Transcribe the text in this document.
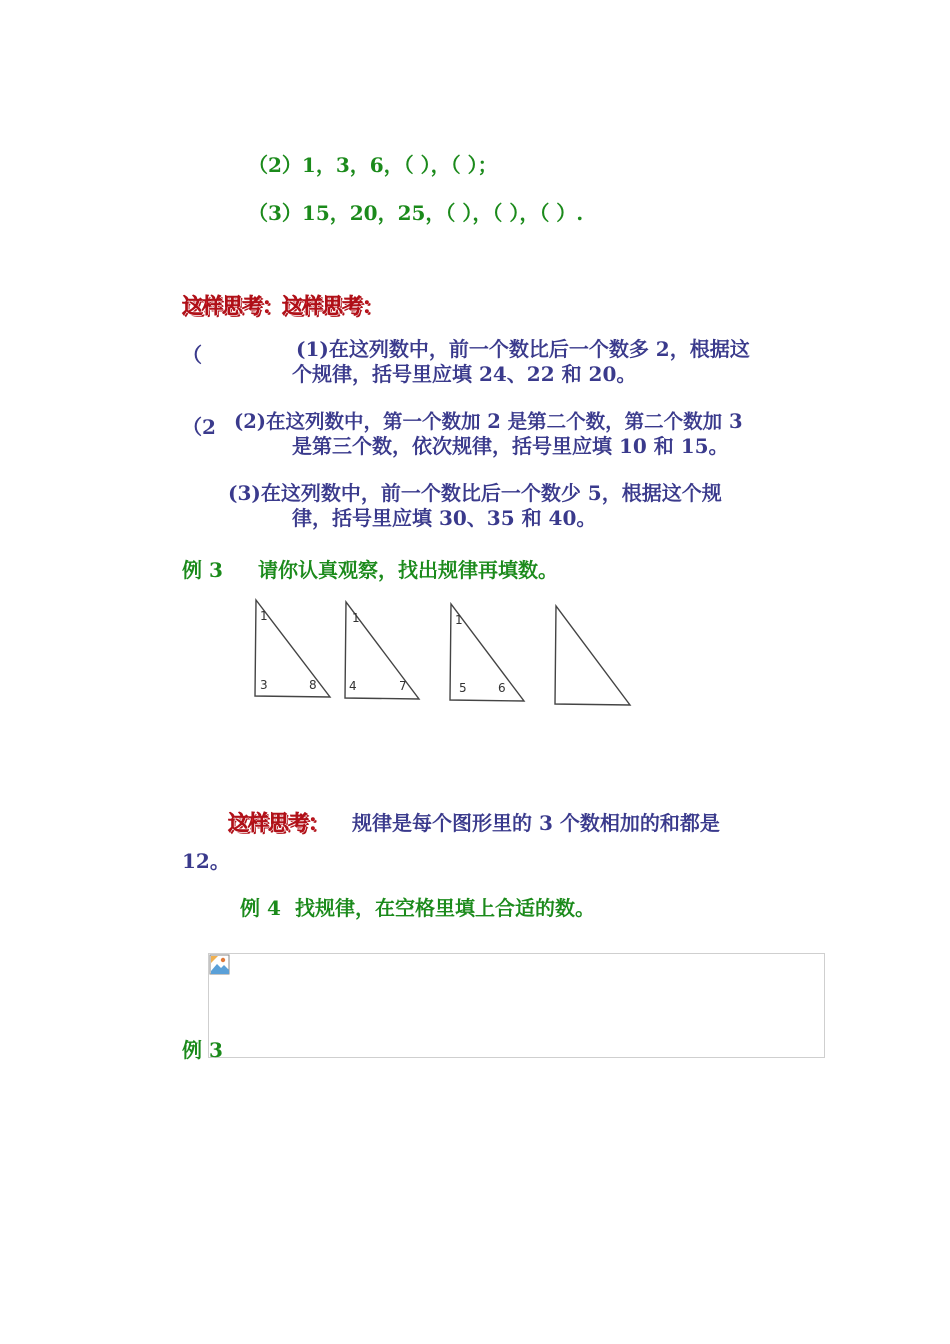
（2）1，3，6，（ ），（ ）；
（3）15，20，25，（ ），（ ），（ ）.
这样思考：这样思考：
（	(1)在这列数中，前一个数比后一个数多 2，根据这
个规律，括号里应填 24、22 和 20。
（2 (2)在这列数中，第一个数加 2 是第二个数，第二个数加 3
是第三个数，依次规律，括号里应填 10 和 15。
(3)在这列数中，前一个数比后一个数少 5，根据这个规
律，括号里应填 30、35 和 40。
例 3 请你认真观察，找出规律再填数。
1
3	8
1
4	7
1
5	6
这样思考： 规律是每个图形里的 3 个数相加的和都是
12。
例 4 找规律，在空格里填上合适的数。
例 3
